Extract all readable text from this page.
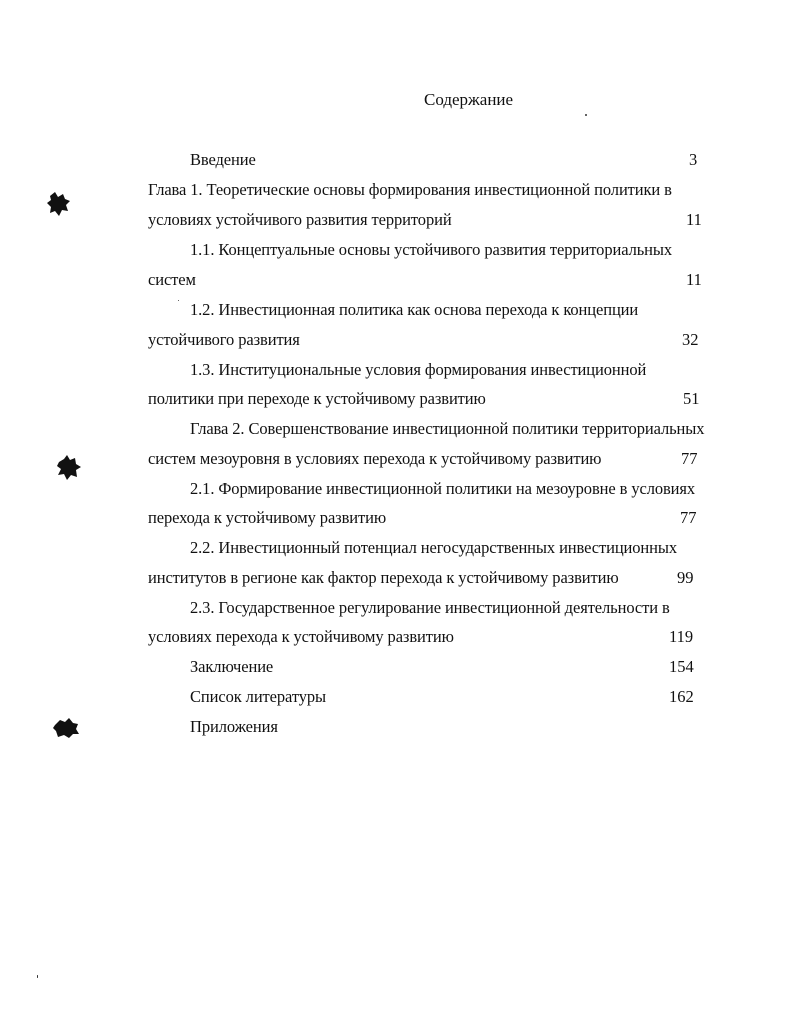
Содержание
Введение	3
Глава 1. Теоретические основы формирования инвестиционной политики в
условиях устойчивого развития территорий	11
1.1. Концептуальные основы устойчивого развития территориальных
систем	11
1.2. Инвестиционная политика как основа перехода к концепции
устойчивого развития	32
1.3. Институциональные условия формирования инвестиционной
политики при переходе к устойчивому развитию	51
Глава 2. Совершенствование инвестиционной политики территориальных
систем мезоуровня в условиях перехода к устойчивому развитию	77
2.1. Формирование инвестиционной политики на мезоуровне в условиях
перехода к устойчивому развитию	77
2.2. Инвестиционный потенциал негосударственных инвестиционных
институтов в регионе как фактор перехода к устойчивому развитию	99
2.3. Государственное регулирование инвестиционной деятельности в
условиях перехода к устойчивому развитию	119
Заключение	154
Список литературы	162
Приложения
